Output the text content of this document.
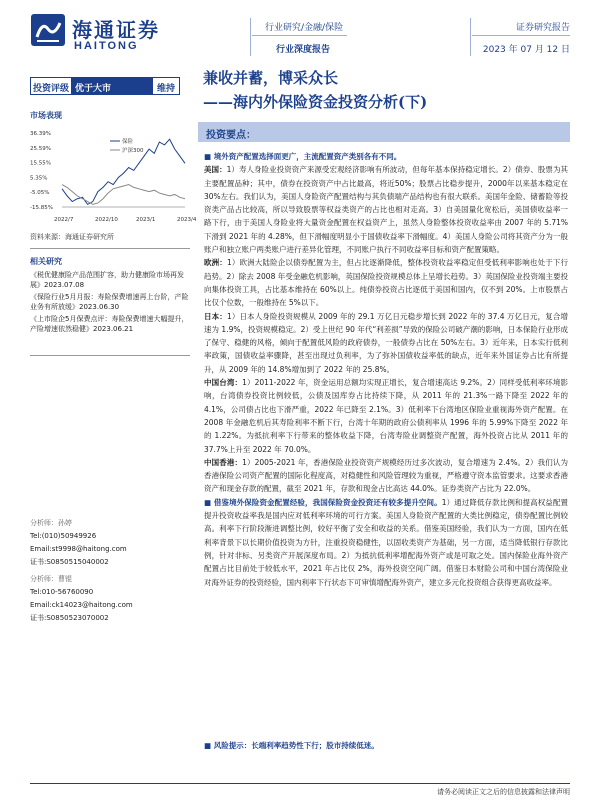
海通证券
HAITONG
行业研究/金融/保险
行业深度报告
证券研究报告
2023 年 07 月 12 日
投资评级 优于大市	维持
兼收并蓄，博采众长
——海内外保险资金投资分析(下)
市场表现
36.39%
25.59%
15.55%
5.35%
-5.05%
-15.85%
2022/7	2022/10	2023/1	2023/4
保险
沪深300
资料来源：海通证券研究所
相关研究
《税优健康险产品范围扩容，助力健康险市场再发展》2023.07.08
《保险行业5月月报：寿险保费增速再上台阶，产险业务有所放缓》2023.06.30
《上市险企5月保费点评：寿险保费增速大幅提升，产险增速依然稳健》2023.06.21
分析师：孙婷
Tel:(010)50949926
Email:st9998@haitong.com
证书:S0850515040002
分析师：曹锟
Tel:010-56760090
Email:ck14023@haitong.com
证书:S0850523070002
投资要点：

■ 境外资产配置选择面更广，主流配置资产类别各有不同。

美国：1）寿人身险业投资资产来源受宏观经济影响有所波动，但每年基本保持稳定增长。2）债券、股票为其主要配置品种；其中，债券在投资资产中占比最高，将近50%；股票占比稳步提升，2000年以来基本稳定在30%左右。我们认为，美国人身险资产配置结构与其负债端产品结构也有很大联系。美国年金险、储蓄险等投资类产品占比较高，所以导致股票等权益类资产的占比也相对走高。3）自美国量化宽松后，美国债收益率一路下行，由于美国人身险业将大量资金配置在权益资产上，虽然人身险整体投资收益率由 2007 年的 5.71%下滑到 2021 年的 4.28%，但下滑幅度明显小于国债收益率下滑幅度。4）美国人身险公司将其资产分为一般账户和独立账户两类账户进行差异化管理，不同账户执行不同收益率目标和资产配置策略。

欧洲：1）欧洲大陆险企以债券配置为主，但占比逐渐降低，整体投资收益率稳定但受低利率影响也处于下行趋势。2）除去 2008 年受金融危机影响，英国保险投资规模总体上呈增长趋势。3）英国保险业投资端主要投向集体投资工具，占比基本维持在 60%以上。纯债券投资占比逐低于美国和国内，仅不到 20%。上市股票占比仅个位数，一般维持在 5%以下。

日本：1）日本人身险投资规模从 2009 年的 29.1 万亿日元稳步增长到 2022 年的 37.4 万亿日元，复合增速为 1.9%，投资规模稳定。2）受上世纪 90 年代“利差损”导致的保险公司破产潮的影响，日本保险行业形成了保守、稳健的风格，倾向于配置低风险的政府债券，一般债券占比在 50%左右。3）近年来，日本实行低利率政策，国债收益率骤降，甚至出现过负利率，为了弥补国债收益率低的缺点，近年来外国证券占比有所提升，从 2009 年的 14.8%增加到了 2022 年的 25.8%。

中国台湾：1）2011-2022 年，资金运用总额均实现正增长，复合增速高达 9.2%。2）同样受低利率环境影响，台湾债券投资比例较低，公债及国库券占比持续下降，从 2011 年的 21.3%一路下降至 2022 年的 4.1%，公司债占比也下滑严重，2022 年已降至 2.1%。3）低利率下台湾地区保险业重视海外资产配置。在 2008 年金融危机后其寿险利率不断下行，台湾十年期的政府公债利率从 1996 年的 5.99%下降至 2022 年的 1.22%。为抵抗利率下行带来的整体收益下降，台湾寿险业调整资产配置，海外投资占比从 2011 年的 37.7%上升至 2022 年 70.0%。

中国香港：1）2005-2021 年，香港保险业投资资产规模经历过多次波动，复合增速为 2.4%。2）我们认为香港保险公司资产配置的国际化程度高，对稳健性和风险管理较为重视，严格遵守资本监管要求。这要求香港资产和现金存款的配置，截至 2021 年，存款和现金占比高达 44.0%。证券类资产占比为 22.0%。

■ 借鉴境外保险资金配置经验，我国保险资金投资还有较多提升空间。1）通过降低存款比例和提高权益配置提升投资收益率我是国内应对低利率环境的可行方案。美国人身险资产配置的大类比例稳定，债券配置比例较高。利率下行阶段渐进调整比例，较好平衡了安全和收益的关系。借鉴美国经验，我们认为一方面，国内在低利率背景下以长期价值投资为方针，注重投资稳健性，以固收类资产为基础，另一方面，适当降低银行存款比例，针对非标、另类资产开展深度布局。2）为抵抗低利率增配海外资产或是可取之处。国内保险业海外资产配置占比目前处于较低水平，2021 年占比仅 2%，海外投资空间广阔。借鉴日本财险公司和中国台湾保险业对海外证券的投资经验，国内利率下行状态下可审慎增配海外资产，建立多元化投资组合获得更高收益率。

■ 风险提示：长端利率趋势性下行；股市持续低迷。
请务必阅读正文之后的信息披露和法律声明
